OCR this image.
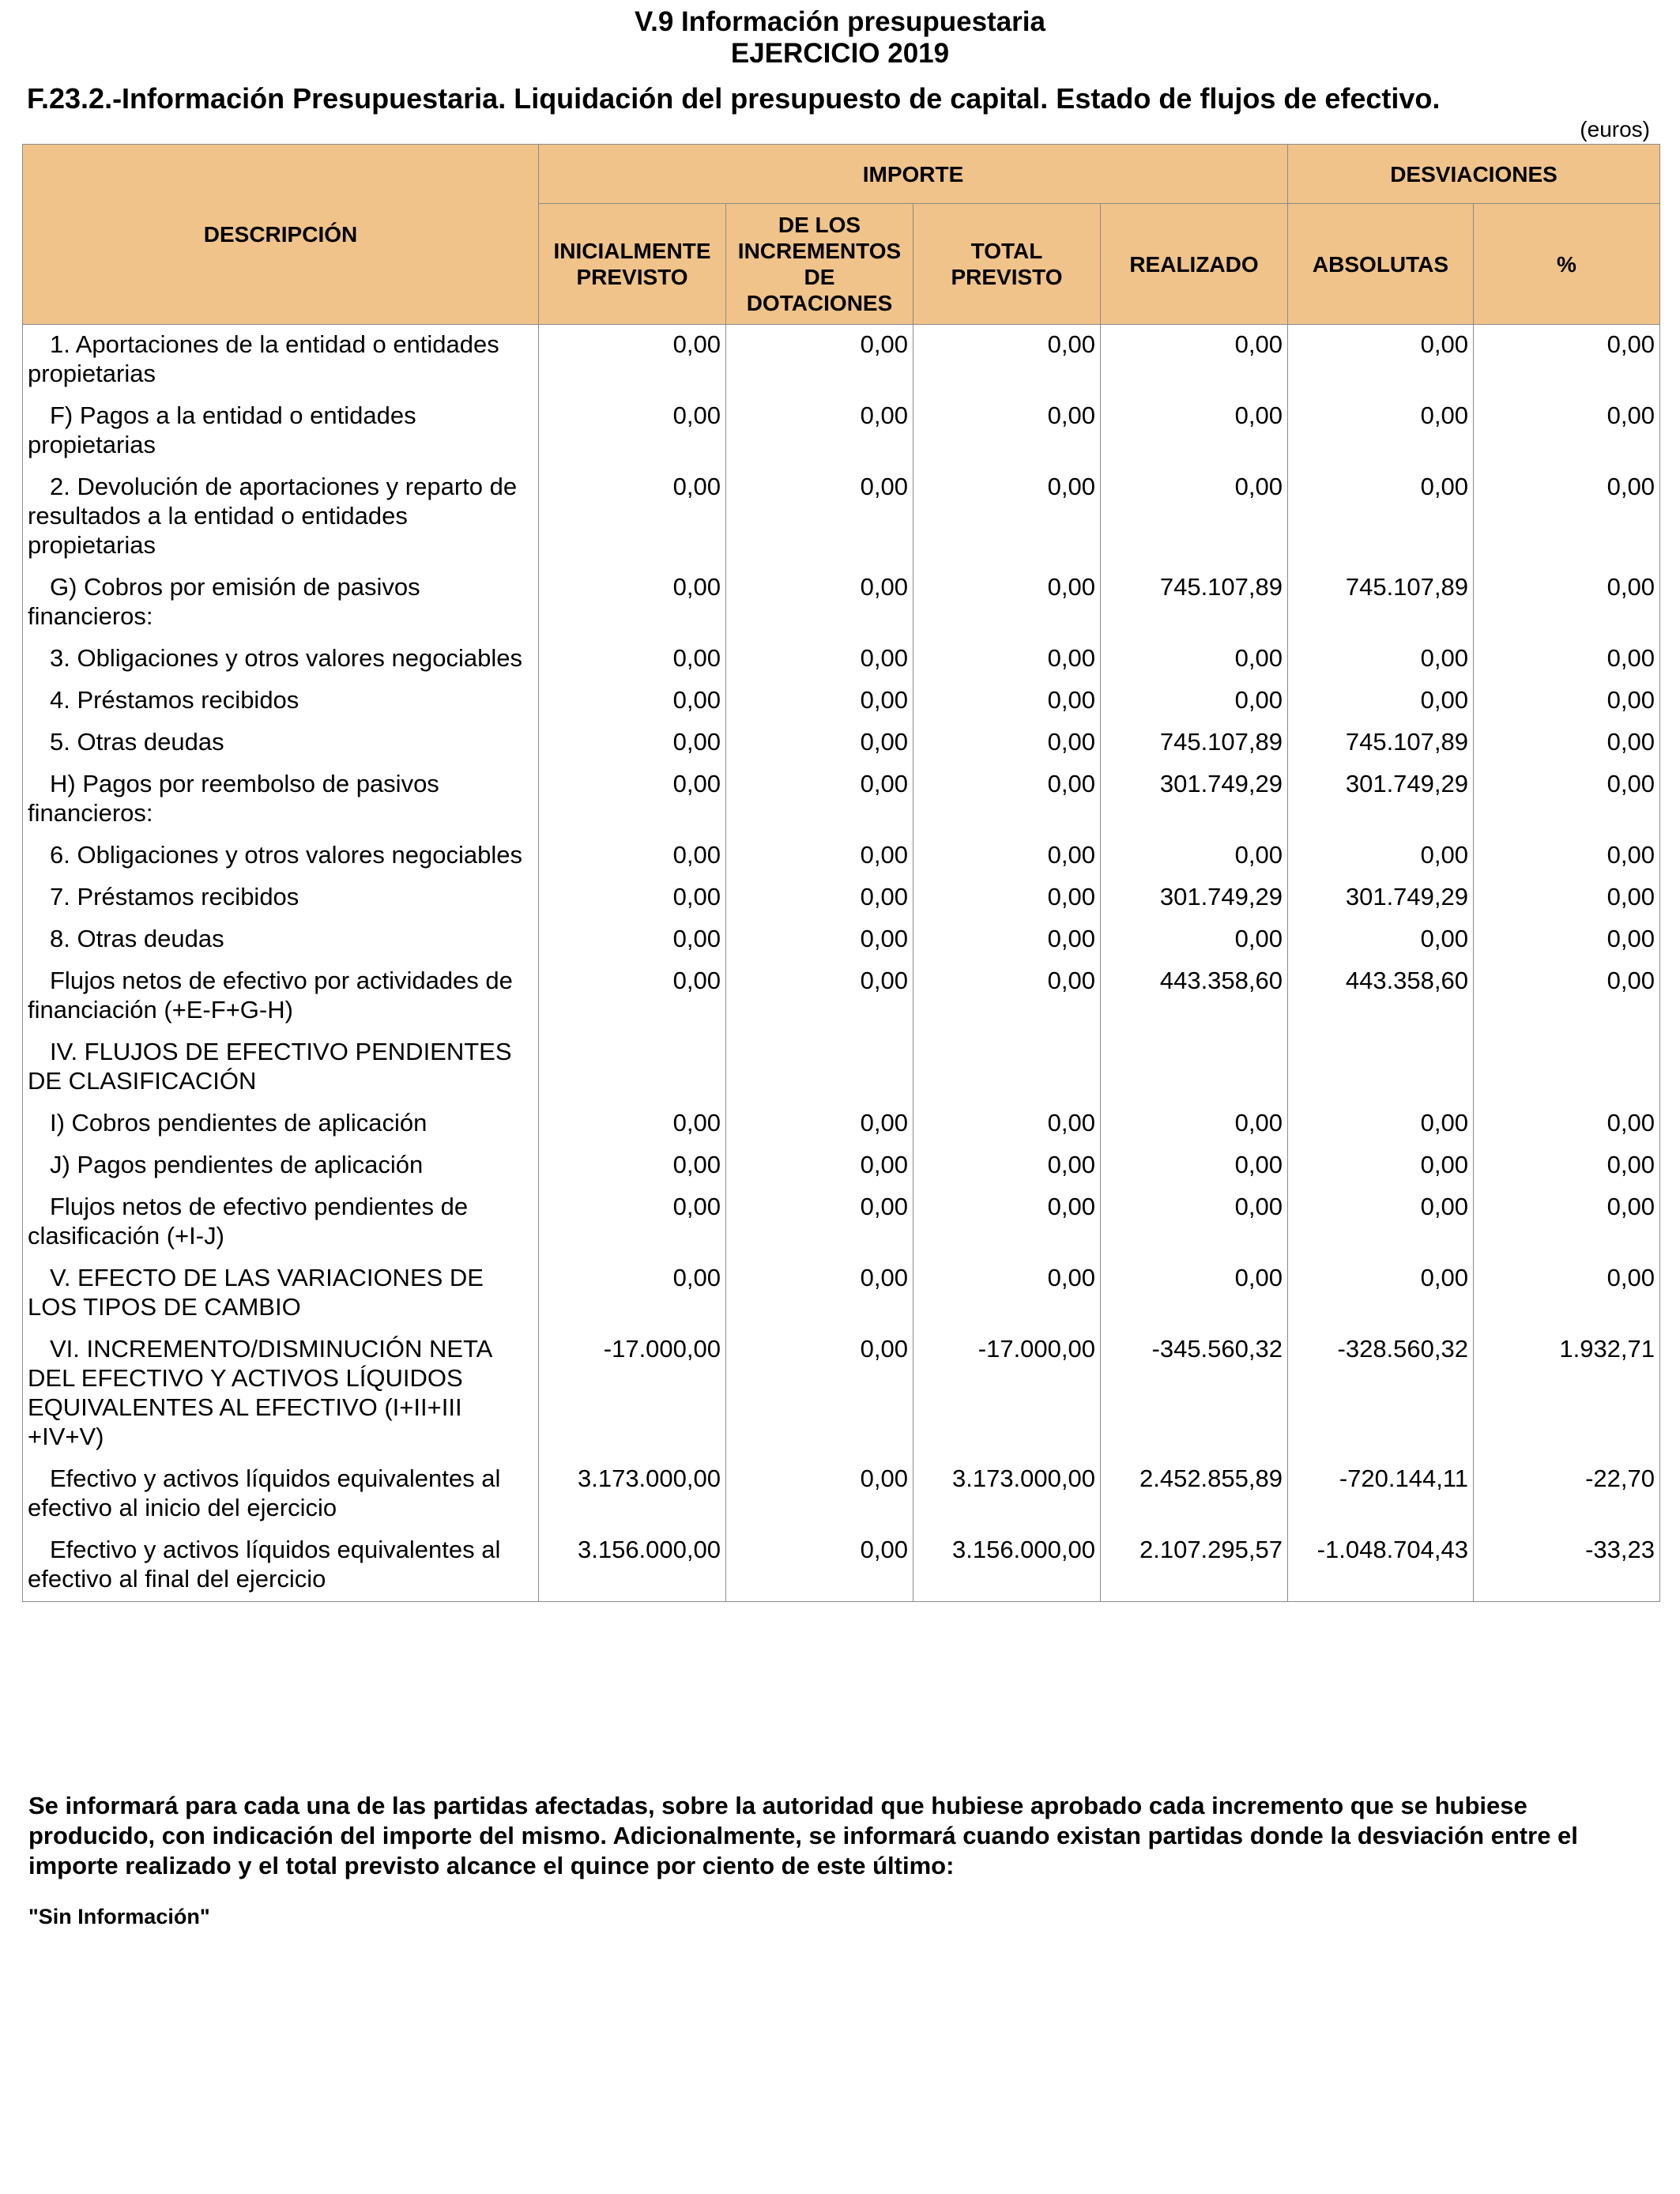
V.9 Información presupuestaria
EJERCICIO 2019
F.23.2.-Información Presupuestaria. Liquidación del presupuesto de capital. Estado de flujos de efectivo.
(euros)
DESCRIPCIÓN	IMPORTE				DESVIACIONES	
	INICIALMENTE PREVISTO	DE LOS INCREMENTOS DE DOTACIONES	TOTAL PREVISTO	REALIZADO	ABSOLUTAS	%
1. Aportaciones de la entidad o entidades propietarias	0,00	0,00	0,00	0,00	0,00	0,00
F) Pagos a la entidad o entidades propietarias	0,00	0,00	0,00	0,00	0,00	0,00
2. Devolución de aportaciones y reparto de resultados a la entidad o entidades propietarias	0,00	0,00	0,00	0,00	0,00	0,00
G) Cobros por emisión de pasivos financieros:	0,00	0,00	0,00	745.107,89	745.107,89	0,00
3. Obligaciones y otros valores negociables	0,00	0,00	0,00	0,00	0,00	0,00
4. Préstamos recibidos	0,00	0,00	0,00	0,00	0,00	0,00
5. Otras deudas	0,00	0,00	0,00	745.107,89	745.107,89	0,00
H) Pagos por reembolso de pasivos financieros:	0,00	0,00	0,00	301.749,29	301.749,29	0,00
6. Obligaciones y otros valores negociables	0,00	0,00	0,00	0,00	0,00	0,00
7. Préstamos recibidos	0,00	0,00	0,00	301.749,29	301.749,29	0,00
8. Otras deudas	0,00	0,00	0,00	0,00	0,00	0,00
Flujos netos de efectivo por actividades de financiación (+E-F+G-H)	0,00	0,00	0,00	443.358,60	443.358,60	0,00
IV. FLUJOS DE EFECTIVO PENDIENTES DE CLASIFICACIÓN						
I) Cobros pendientes de aplicación	0,00	0,00	0,00	0,00	0,00	0,00
J) Pagos pendientes de aplicación	0,00	0,00	0,00	0,00	0,00	0,00
Flujos netos de efectivo pendientes de clasificación (+I-J)	0,00	0,00	0,00	0,00	0,00	0,00
V. EFECTO DE LAS VARIACIONES DE LOS TIPOS DE CAMBIO	0,00	0,00	0,00	0,00	0,00	0,00
VI. INCREMENTO/DISMINUCIÓN NETA DEL EFECTIVO Y ACTIVOS LÍQUIDOS EQUIVALENTES AL EFECTIVO (I+II+III +IV+V)	-17.000,00	0,00	-17.000,00	-345.560,32	-328.560,32	1.932,71
Efectivo y activos líquidos equivalentes al efectivo al inicio del ejercicio	3.173.000,00	0,00	3.173.000,00	2.452.855,89	-720.144,11	-22,70
Efectivo y activos líquidos equivalentes al efectivo al final del ejercicio	3.156.000,00	0,00	3.156.000,00	2.107.295,57	-1.048.704,43	-33,23
Se informará para cada una de las partidas afectadas, sobre la autoridad que hubiese aprobado cada incremento que se hubiese producido, con indicación del importe del mismo. Adicionalmente, se informará cuando existan partidas donde la desviación entre el importe realizado y el total previsto alcance el quince por ciento de este último:
"Sin Información"
